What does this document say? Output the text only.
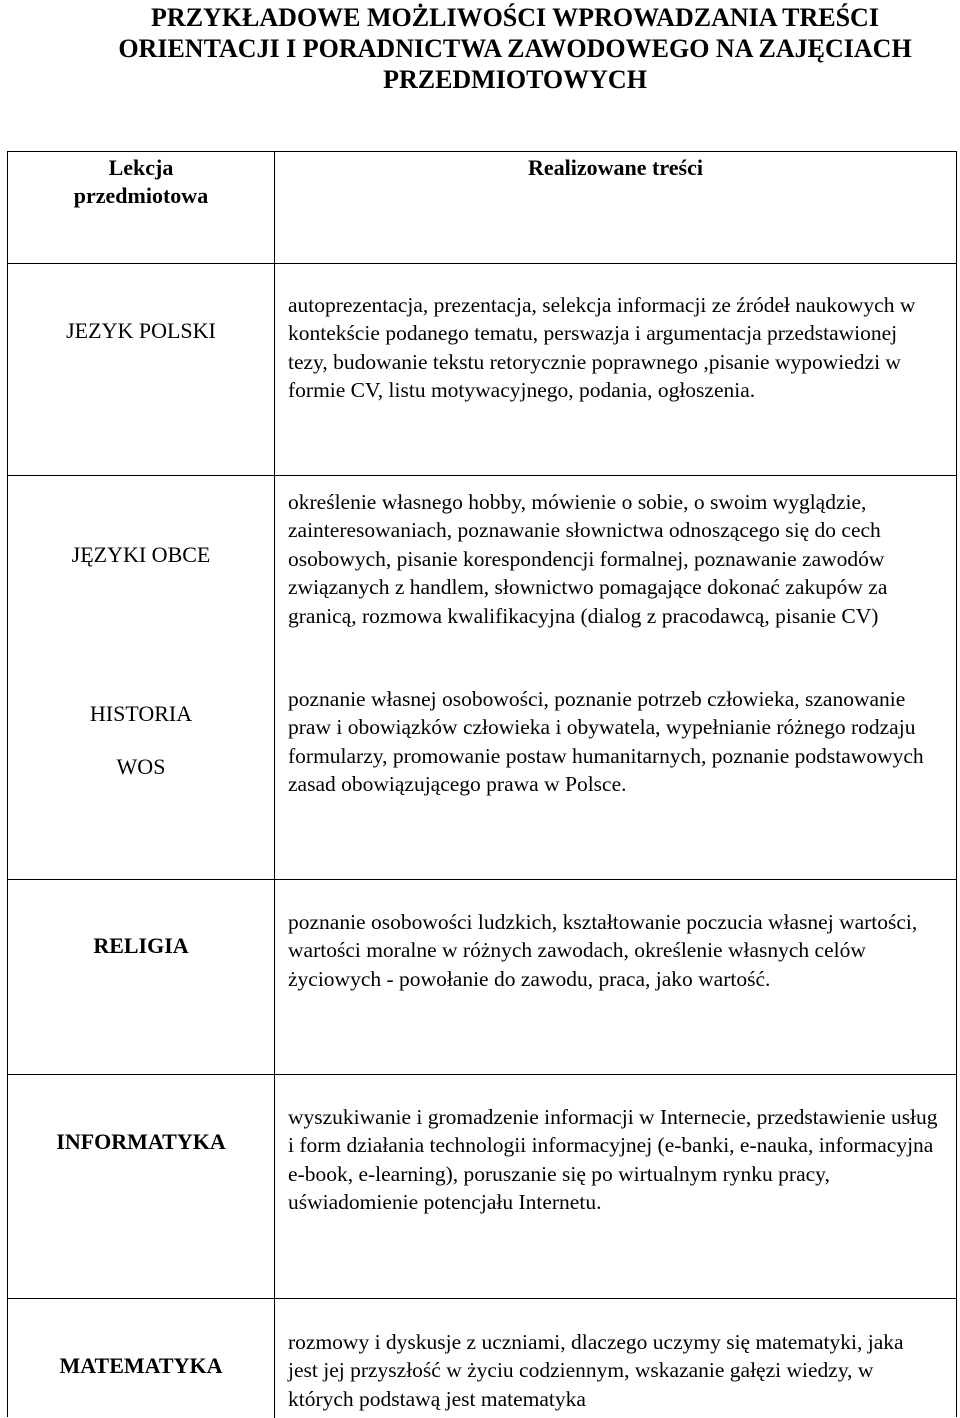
PRZYKŁADOWE MOŻLIWOŚCI WPROWADZANIA TREŚCI
ORIENTACJI I PORADNICTWA ZAWODOWEGO NA ZAJĘCIACH
PRZEDMIOTOWYCH
Lekcja
przedmiotowa
Realizowane treści
JEZYK POLSKI
autoprezentacja, prezentacja, selekcja informacji ze źródeł naukowych w kontekście podanego tematu, perswazja i argumentacja przedstawionej tezy, budowanie tekstu retorycznie poprawnego ,pisanie wypowiedzi w formie CV, listu motywacyjnego, podania, ogłoszenia.
JĘZYKI OBCE
HISTORIA
WOS
określenie własnego hobby, mówienie o sobie, o swoim wyglądzie, zainteresowaniach, poznawanie słownictwa odnoszącego się do cech osobowych, pisanie korespondencji formalnej, poznawanie zawodów związanych z handlem, słownictwo pomagające dokonać zakupów za granicą, rozmowa kwalifikacyjna (dialog z pracodawcą, pisanie CV)
poznanie własnej osobowości, poznanie potrzeb człowieka, szanowanie praw i obowiązków człowieka i obywatela, wypełnianie różnego rodzaju formularzy, promowanie postaw humanitarnych, poznanie podstawowych zasad obowiązującego prawa w Polsce.
RELIGIA
poznanie osobowości ludzkich, kształtowanie poczucia własnej wartości, wartości moralne w różnych zawodach, określenie własnych celów życiowych - powołanie do zawodu, praca, jako wartość.
INFORMATYKA
wyszukiwanie i gromadzenie informacji w Internecie, przedstawienie usług i form działania technologii informacyjnej (e-banki, e-nauka, informacyjna e-book, e-learning), poruszanie się po wirtualnym rynku pracy, uświadomienie potencjału Internetu.
MATEMATYKA
rozmowy i dyskusje z uczniami, dlaczego uczymy się matematyki, jaka jest jej przyszłość w życiu codziennym, wskazanie gałęzi wiedzy, w których podstawą jest matematyka
